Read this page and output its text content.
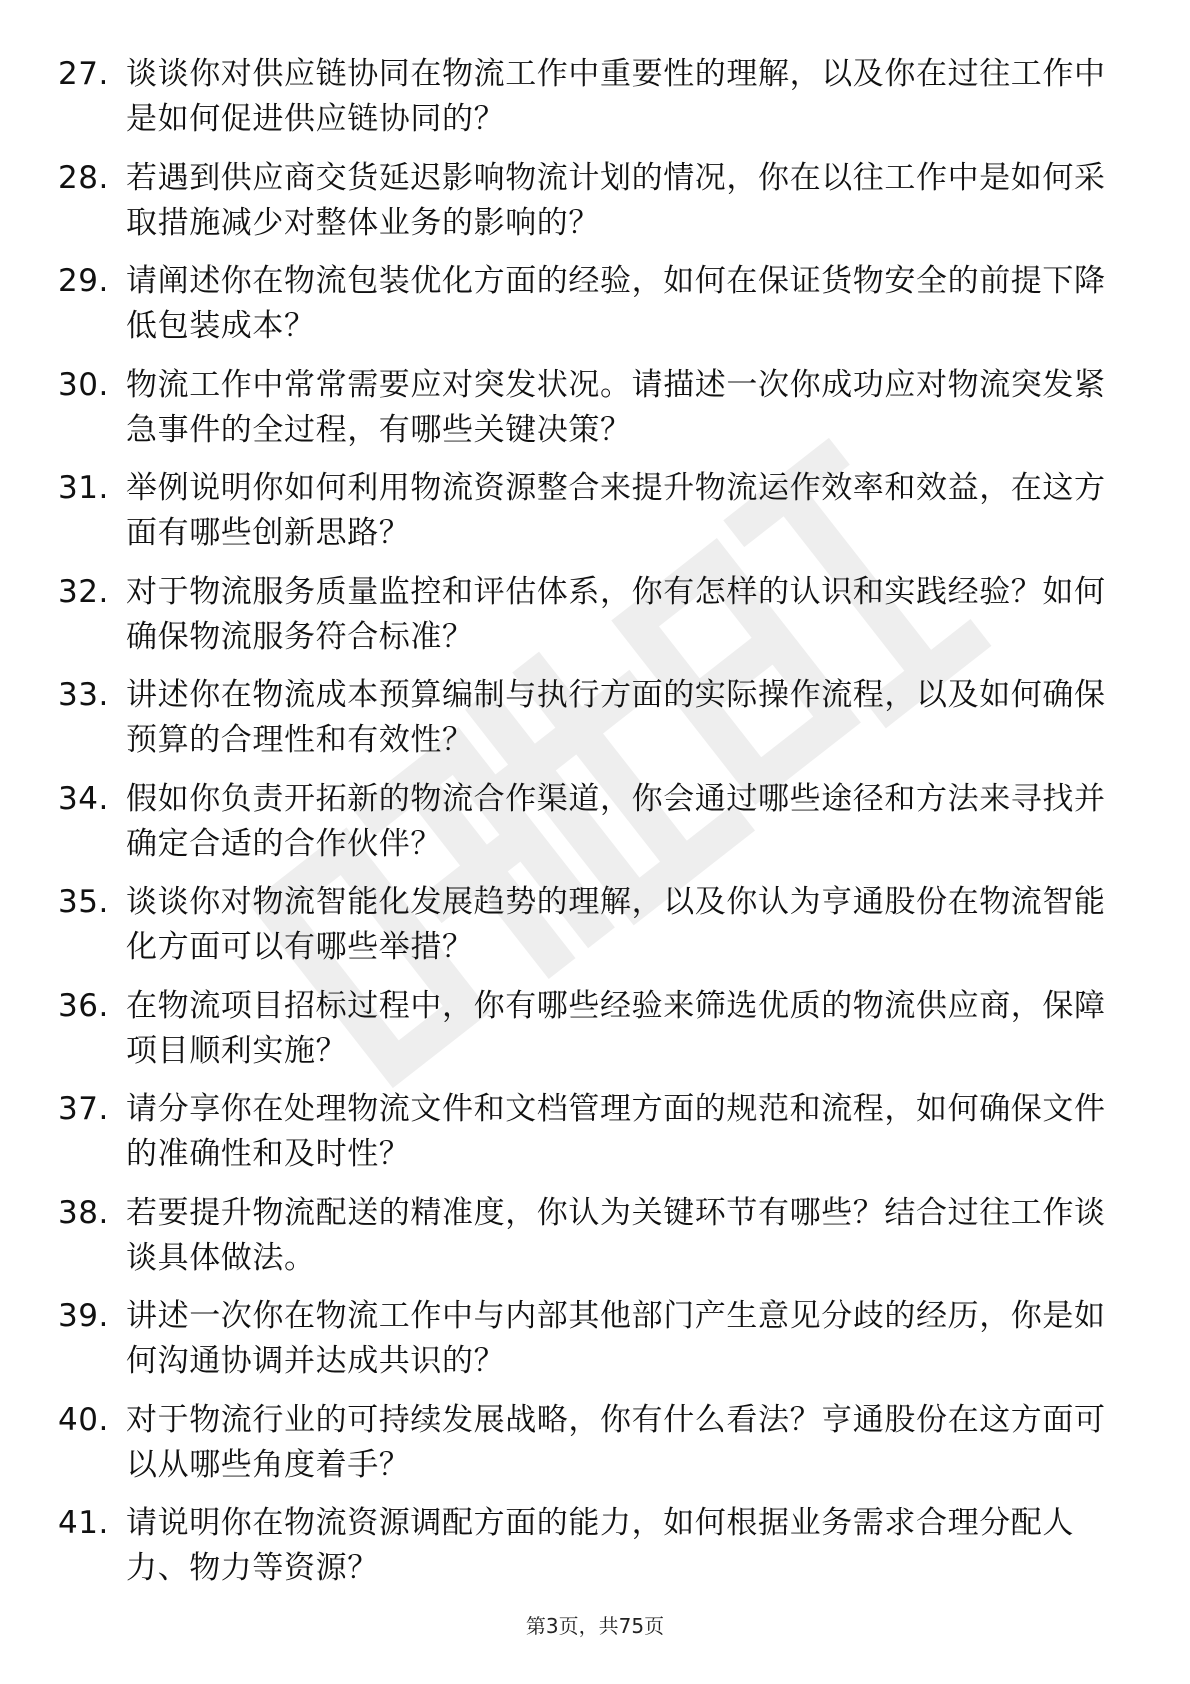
27. 谈谈你对供应链协同在物流工作中重要性的理解，以及你在过往工作中是如何促进供应链协同的？
28. 若遇到供应商交货延迟影响物流计划的情况，你在以往工作中是如何采取措施减少对整体业务的影响的？
29. 请阐述你在物流包装优化方面的经验，如何在保证货物安全的前提下降低包装成本？
30. 物流工作中常常需要应对突发状况。请描述一次你成功应对物流突发紧急事件的全过程，有哪些关键决策？
31. 举例说明你如何利用物流资源整合来提升物流运作效率和效益，在这方面有哪些创新思路？
32. 对于物流服务质量监控和评估体系，你有怎样的认识和实践经验？如何确保物流服务符合标准？
33. 讲述你在物流成本预算编制与执行方面的实际操作流程，以及如何确保预算的合理性和有效性？
34. 假如你负责开拓新的物流合作渠道，你会通过哪些途径和方法来寻找并确定合适的合作伙伴？
35. 谈谈你对物流智能化发展趋势的理解，以及你认为亨通股份在物流智能化方面可以有哪些举措？
36. 在物流项目招标过程中，你有哪些经验来筛选优质的物流供应商，保障项目顺利实施？
37. 请分享你在处理物流文件和文档管理方面的规范和流程，如何确保文件的准确性和及时性？
38. 若要提升物流配送的精准度，你认为关键环节有哪些？结合过往工作谈谈具体做法。
39. 讲述一次你在物流工作中与内部其他部门产生意见分歧的经历，你是如何沟通协调并达成共识的？
40. 对于物流行业的可持续发展战略，你有什么看法？亨通股份在这方面可以从哪些角度着手？
41. 请说明你在物流资源调配方面的能力，如何根据业务需求合理分配人力、物力等资源？
第3页，共75页
